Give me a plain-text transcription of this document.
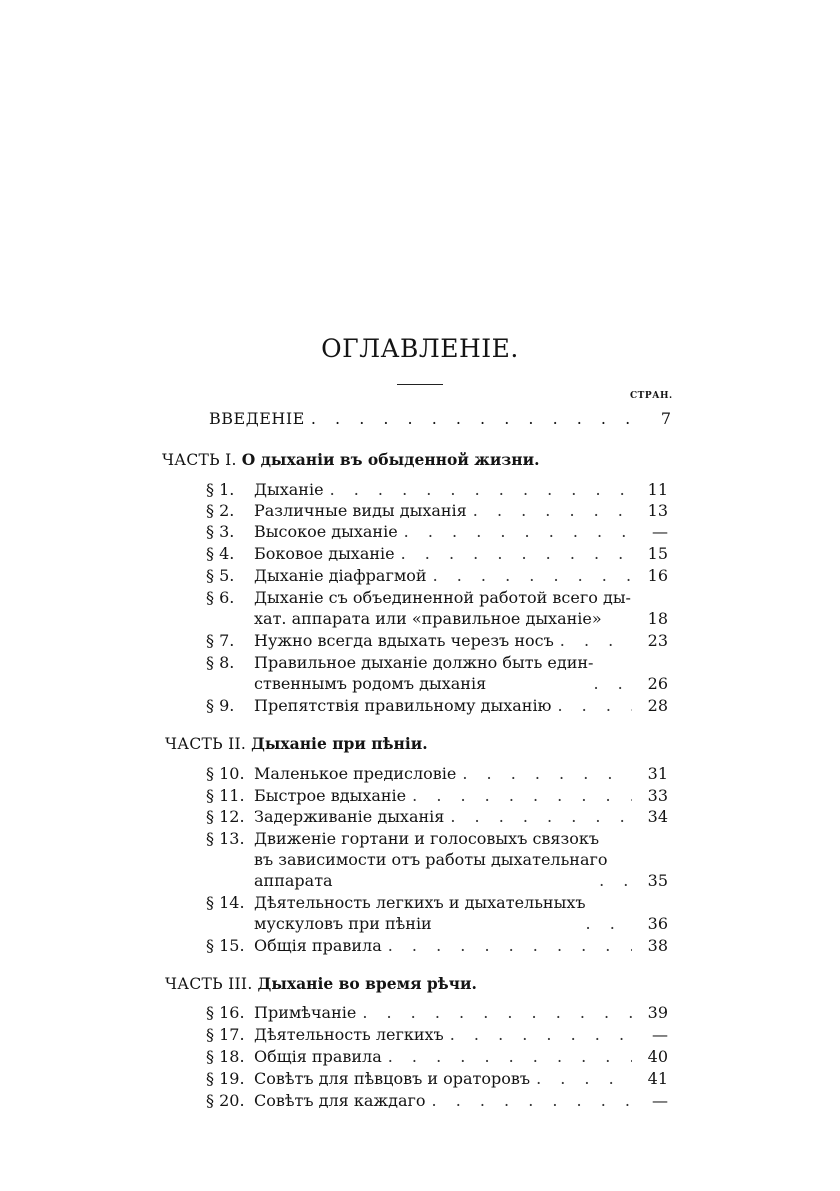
ОГЛАВЛЕНІЕ.
СТРАН.
ВВЕДЕНІЕ . . .	7
ЧАСТЬ I. О дыханіи въ обыденной жизни.
§ 1.	Дыханіе . . .	11
§ 2.	Различные виды дыханія . . .	13
§ 3.	Высокое дыханіе . . .	—
§ 4.	Боковое дыханіе . . .	15
§ 5.	Дыханіе діафрагмой . . .	16
§ 6.	Дыханіе съ объединенной работой всего ды-
хат. аппарата или «правильное дыханіе» . . .	18
§ 7.	Нужно всегда вдыхать черезъ носъ . . .	23
§ 8.	Правильное дыханіе должно быть един-
ственнымъ родомъ дыханія . . .	26
§ 9.	Препятствія правильному дыханію . . .	28
ЧАСТЬ II. Дыханіе при пѣніи.
§ 10. Маленькое предисловіе . . .	31
§ 11. Быстрое вдыханіе . . .	33
§ 12. Задерживаніе дыханія . . .	34
§ 13. Движеніе гортани и голосовыхъ связокъ
въ зависимости отъ работы дыхательнаго
аппарата . . .	35
§ 14. Дѣятельность легкихъ и дыхательныхъ
мускуловъ при пѣніи . . .	36
§ 15. Общія правила . . .	38
ЧАСТЬ III. Дыханіе во время рѣчи.
§ 16. Примѣчаніе . . .	39
§ 17. Дѣятельность легкихъ . . .	—
§ 18. Общія правила . . .	40
§ 19. Совѣтъ для пѣвцовъ и ораторовъ . . .	41
§ 20. Совѣтъ для каждаго . . .	—
